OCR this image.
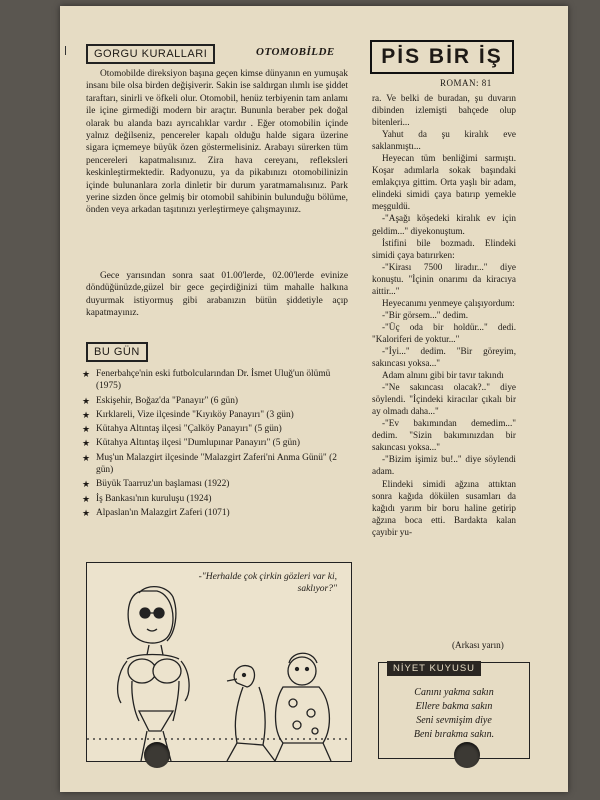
GORGU KURALLARI	OTOMOBİLDE

Otomobilde direksiyon başına geçen kimse dünyanın en yumuşak insanı bile olsa birden değişiverir. Sakin ise saldırgan ılımlı ise şiddet taraftarı, sinirli ve öfkeli olur. Otomobil, henüz terbiyenin tam anlamı ile içine girmediği modern bir araçtır. Bununla beraber pek doğal olarak bu alanda bazı ayrıcalıklar vardır . Eğer otomobilin içinde yalnız değilseniz, pencereler kapalı olduğu halde sigara üzerine sigara içmemeye büyük özen göstermelisiniz. Arabayı sürerken tüm pencereleri kapatmalısınız. Zira hava cereyanı, refleksleri keskinleştirmektedir. Radyonuzu, ya da pikabınızı otomobilinizin içinde bulunanlara zorla dinletir bir durum yaratmamalısınız. Park yerine sizden önce gelmiş bir otomobil sahibinin bulunduğu bölüme, önden veya arkadan taşıtınızı yerleştirmeye çalışmayınız.

Gece yarısından sonra saat 01.00'lerde, 02.00'lerde evinize döndüğünüzde,güzel bir gece geçirdiğinizi tüm mahalle halkına duyurmak istiyormuş gibi arabanızın bütün şiddetiyle açıp kapatmayınız.

BU GÜN
★ Fenerbahçe'nin eski futbolcularından Dr. İsmet Uluğ'un ölümü (1975)
★ Eskişehir, Boğaz'da "Panayır" (6 gün)
★ Kırklareli, Vize ilçesinde "Kıyıköy Panayırı" (3 gün)
★ Kütahya Altıntaş ilçesi "Çalköy Panayırı" (5 gün)
★ Kütahya Altıntaş ilçesi "Dumlupınar Panayırı" (5 gün)
★ Muş'un Malazgirt ilçesinde "Malazgirt Zaferi'ni Anma Günü" (2 gün)
★ Büyük Taarruz'un başlaması (1922)
★ İş Bankası'nın kuruluşu (1924)
★ Alpaslan'ın Malazgirt Zaferi (1071)
-"Herhalde çok çirkin gözleri var ki, saklıyor?"
PİS BİR İŞ
ROMAN: 81

ra. Ve belki de buradan, şu duvarın dibinden izlemişti bahçede olup bitenleri...

Yahut da şu kiralık eve saklanmıştı...

Heyecan tüm benliğimi sarmıştı. Koşar adımlarla sokak başındaki emlakçıya gittim. Orta yaşlı bir adam, elindeki simidi çaya batırıp yemekle meşguldü.

-"Aşağı köşedeki kiralık ev için geldim..." diyekonuştum.

İstifini bile bozmadı. Elindeki simidi çaya batırırken:

-"Kirası 7500 liradır..." diye konuştu. "İçinin onarımı da kiracıya aittir..."

Heyecanımı yenmeye çalışıyordum:

-"Bir görsem..." dedim.

-"Üç oda bir holdür..." dedi. "Kaloriferi de yoktur..."

-"İyi..." dedim. "Bir göreyim, sakıncası yoksa..."

Adam alnını gibi bir tavır takındı

-"Ne sakıncası olacak?.." diye söylendi. "İçindeki kiracılar çıkalı bir ay olmadı daha..."

-"Ev bakımından demedim..." dedim. "Sizin bakımınızdan bir sakıncası yoksa..."

-"Bizim işimiz bu!.." diye söylendi adam.

Elindeki simidi ağzına attıktan sonra kağıda dökülen susamları da kağıdı yarım bir boru haline getirip ağzına boca etti. Bardakta kalan çayıbir yu-

(Arkası yarın)
NİYET KUYUSU
Canını yakma sakın
Ellere bakma sakın
Seni sevmişim diye
Beni bırakma sakın.
